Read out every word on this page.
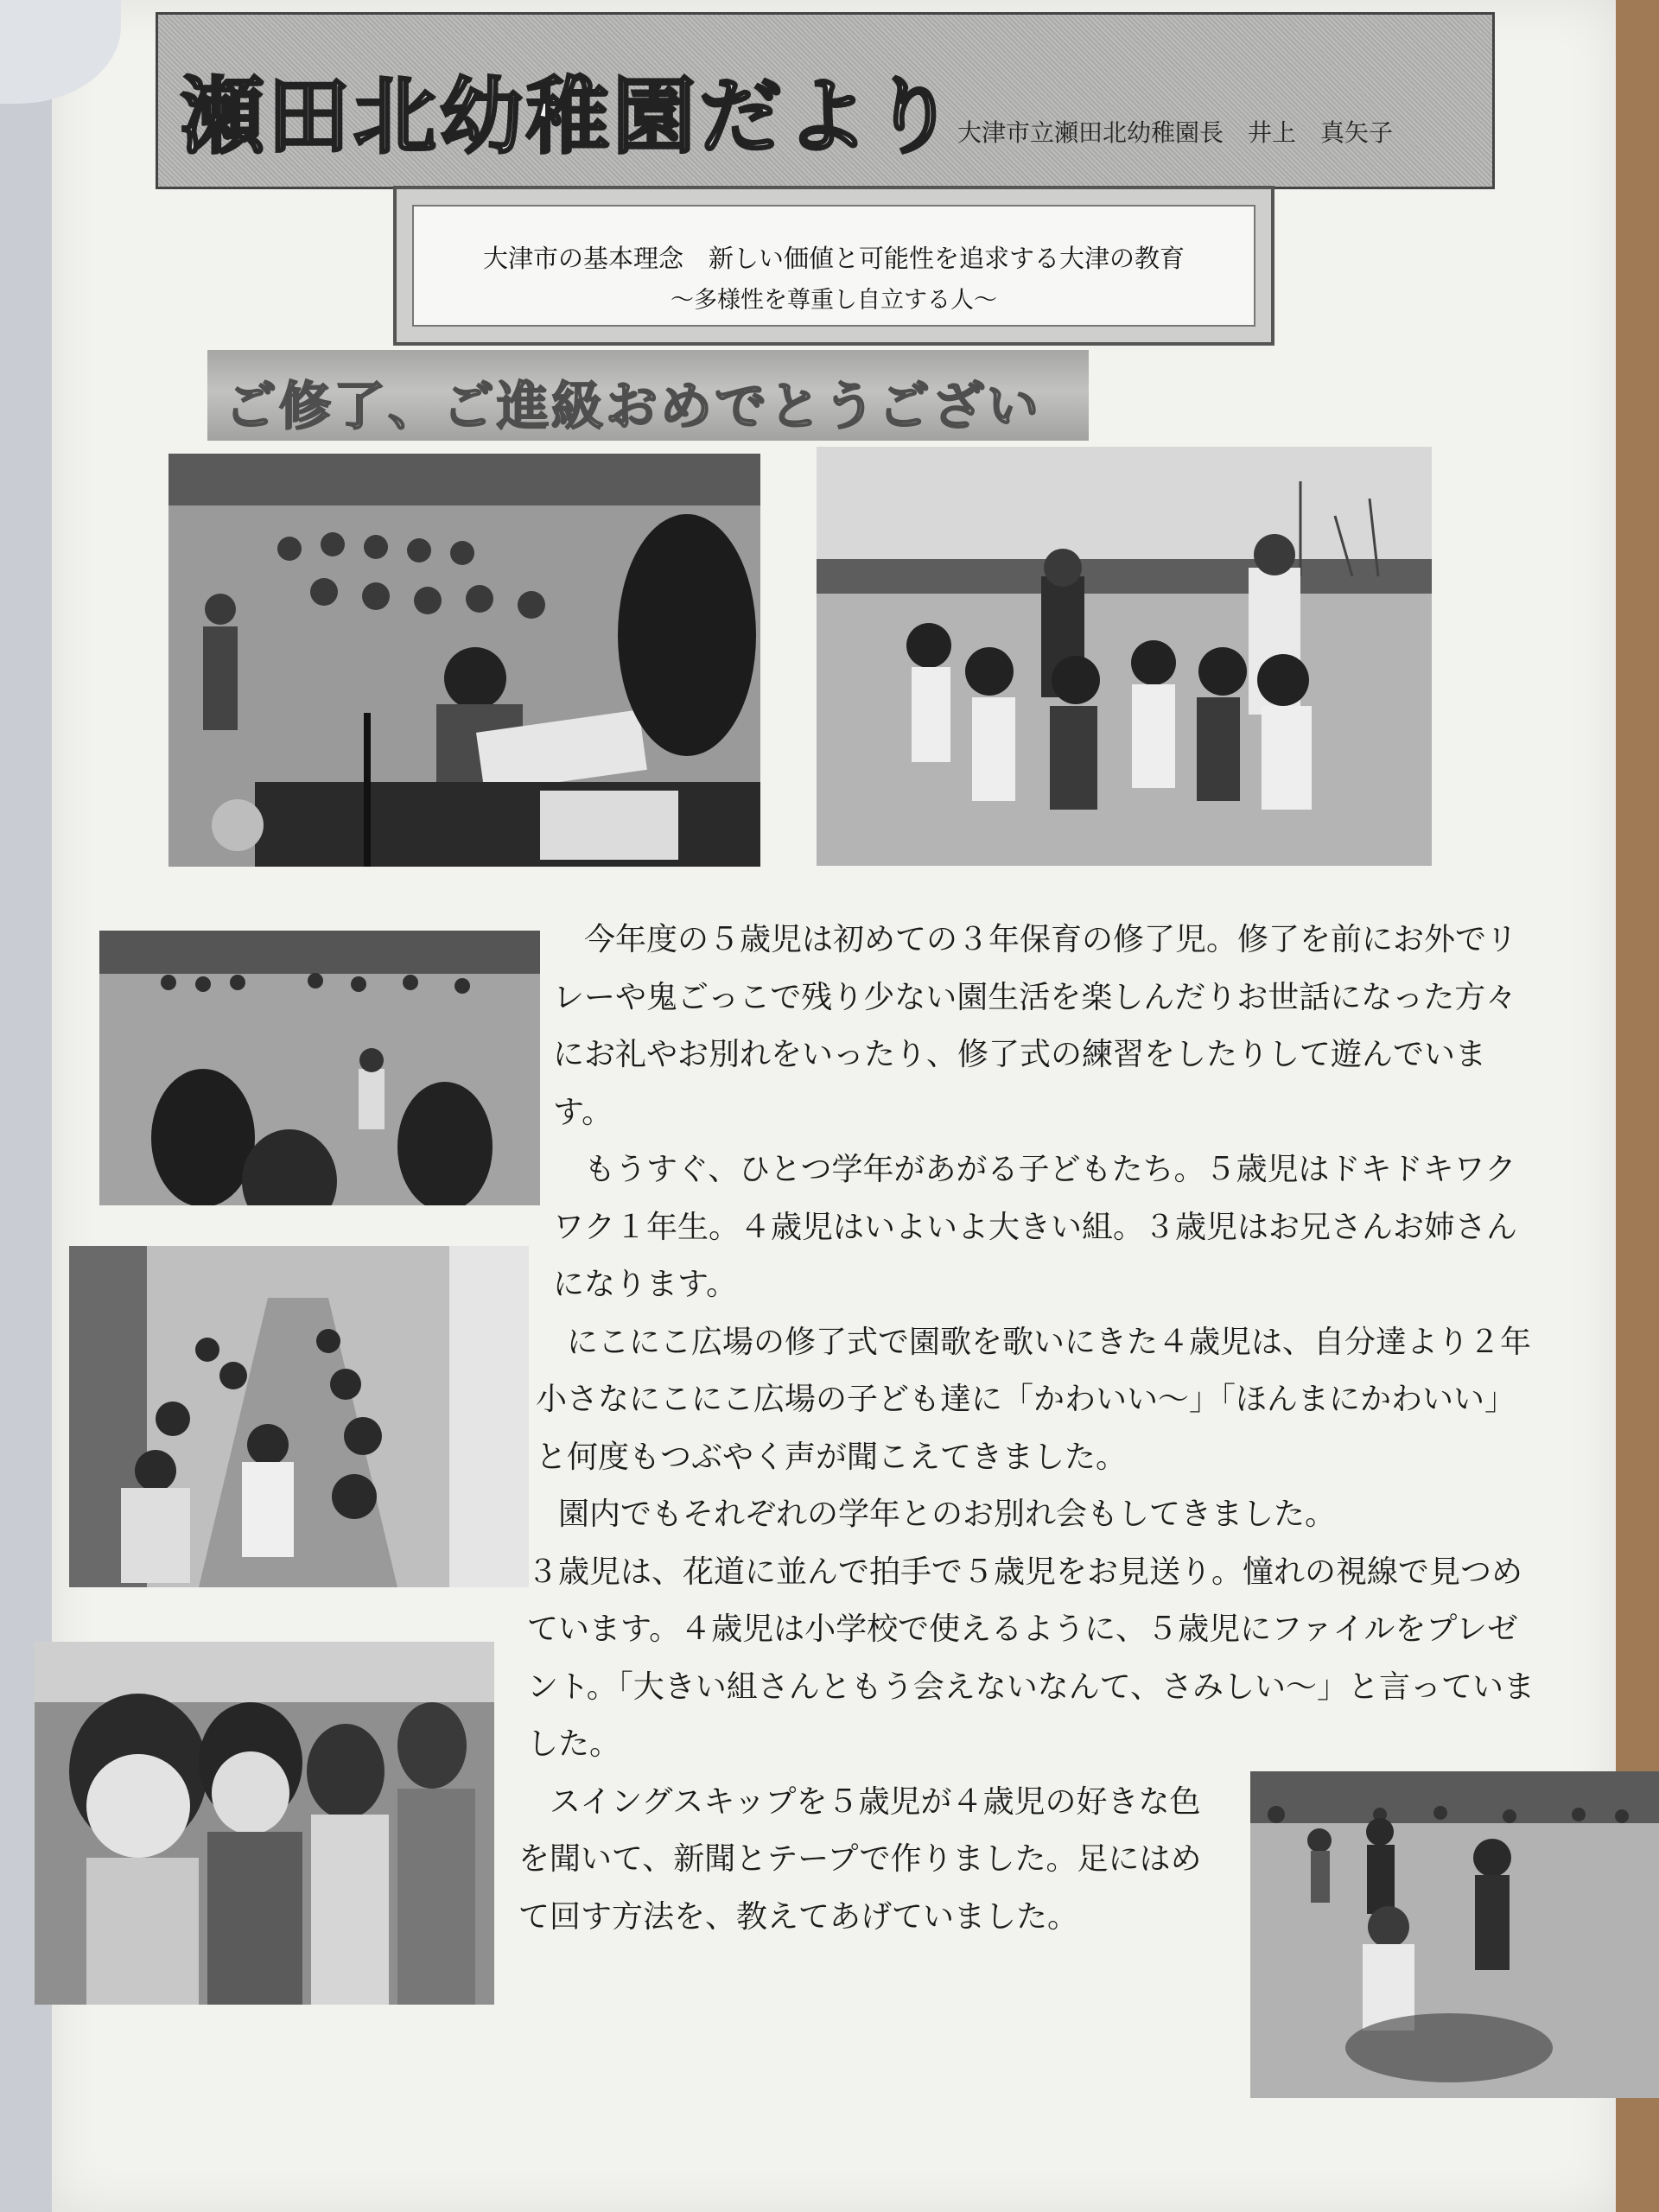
瀬田北幼稚園だより 大津市立瀬田北幼稚園長　井上　真矢子
大津市の基本理念　新しい価値と可能性を追求する大津の教育
～多様性を尊重し自立する人～
ご修了、ご進級おめでとうござい

今年度の５歳児は初めての３年保育の修了児。修了を前にお外でリレーや鬼ごっこで残り少ない園生活を楽しんだりお世話になった方々にお礼やお別れをいったり、修了式の練習をしたりして遊んでいます。

もうすぐ、ひとつ学年があがる子どもたち。５歳児はドキドキワクワク１年生。４歳児はいよいよ大きい組。３歳児はお兄さんお姉さんになります。

にこにこ広場の修了式で園歌を歌いにきた４歳児は、自分達より２年小さなにこにこ広場の子ども達に「かわいい～」「ほんまにかわいい」と何度もつぶやく声が聞こえてきました。

園内でもそれぞれの学年とのお別れ会もしてきました。

３歳児は、花道に並んで拍手で５歳児をお見送り。憧れの視線で見つめています。４歳児は小学校で使えるように、５歳児にファイルをプレゼント。「大きい組さんともう会えないなんて、さみしい～」と言っていました。

スイングスキップを５歳児が４歳児の好きな色を聞いて、新聞とテープで作りました。足にはめて回す方法を、教えてあげていました。
